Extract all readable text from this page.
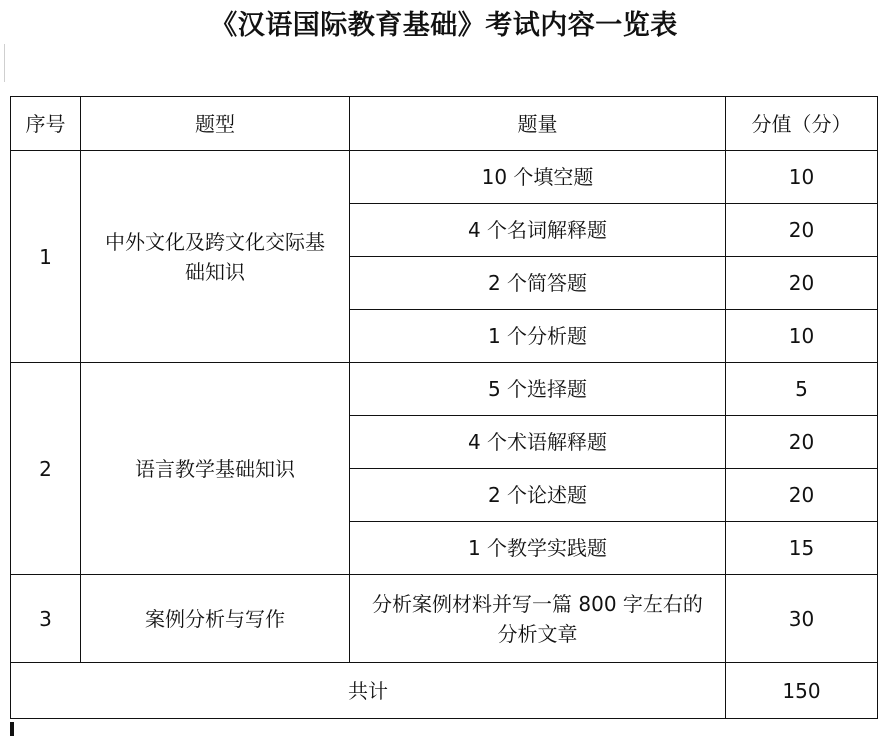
《汉语国际教育基础》考试内容一览表
序号	题型	题量	分值（分）
1	中外文化及跨文化交际基础知识	10 个填空题	10
		4 个名词解释题	20
		2 个简答题	20
		1 个分析题	10
2	语言教学基础知识	5 个选择题	5
		4 个术语解释题	20
		2 个论述题	20
		1 个教学实践题	15
3	案例分析与写作	分析案例材料并写一篇 800 字左右的分析文章	30
共计			150
